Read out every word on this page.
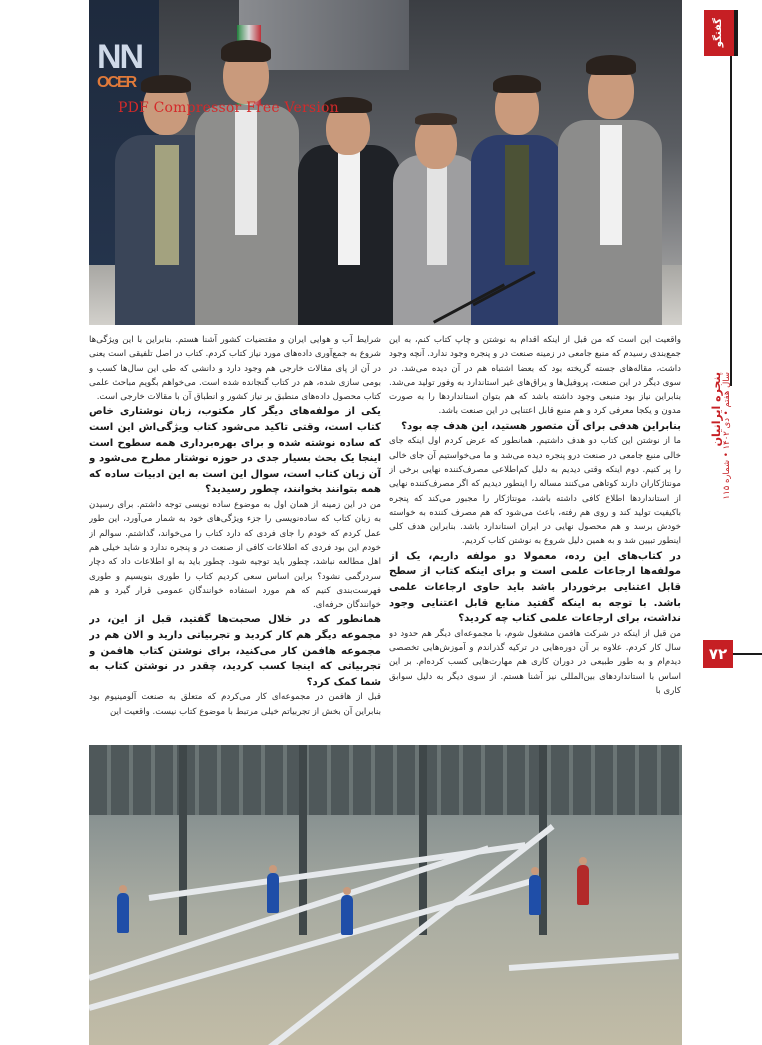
NN
OCER
PDF Compressor Free Version
گفتگو
پنجره ایرانیان
سال هفتم • دی ۱۴۰۲ • شماره ۱۱۵
۷۲

واقعیت این است که من قبل از اینکه اقدام به نوشتن و چاپ کتاب کنم، به این جمع‌بندی رسیدم که منبع جامعی در زمینه صنعت در و پنجره وجود ندارد. آنچه وجود داشت، مقاله‌های جسته گریخته بود که بعضا اشتباه هم در آن دیده می‌شد. در سوی دیگر در این صنعت، پروفیل‌ها و یراق‌های غیر استاندارد به وفور تولید می‌شد. بنابراین نیاز بود منبعی وجود داشته باشد که هم بتوان استانداردها را به صورت مدون و یکجا معرفی کرد و هم منبع قابل اعتنایی در این صنعت باشد.

بنابراین هدفی برای آن متصور هستید، این هدف چه بود؟

ما از نوشتن این کتاب دو هدف داشتیم. همانطور که عرض کردم اول اینکه جای خالی منبع جامعی در صنعت درو پنجره دیده می‌شد و ما می‌خواستیم آن جای خالی را پر کنیم. دوم اینکه وقتی دیدیم به دلیل کم‌اطلاعی مصرف‌کننده نهایی برخی از مونتاژکاران دارند کوتاهی می‌کنند مساله را اینطور دیدیم که اگر مصرف‌کننده نهایی از استانداردها اطلاع کافی داشته باشد، مونتاژکار را مجبور می‌کند که پنجره باکیفیت تولید کند و روی هم رفته، باعث می‌شود که هم مصرف کننده به خواسته خودش برسد و هم محصول نهایی در ایران استاندارد باشد. بنابراین هدف کلی اینطور تبیین شد و به همین دلیل شروع به نوشتن کتاب کردیم.

در کتاب‌های این رده، معمولا دو مولفه داریم، یک از مولفه‌ها ارجاعات علمی است و برای اینکه کتاب از سطح قابل اعتنایی برخوردار باشد باید حاوی ارجاعات علمی باشد. با توجه به اینکه گفتید منابع قابل اعتنایی وجود نداشت، برای ارجاعات علمی کتاب چه کردید؟

من قبل از اینکه در شرکت هافمن مشغول شوم، با مجموعه‌ای دیگر هم حدود دو سال کار کردم. علاوه بر آن دوره‌هایی در ترکیه گذراندم و آموزش‌هایی تخصصی دیدم‌ام و به طور طبیعی در دوران کاری هم مهارت‌هایی کسب کرده‌ام. بر این اساس با استانداردهای بین‌المللی نیز آشنا هستم. از سوی دیگر به دلیل سوابق کاری با

شرایط آب و هوایی ایران و مقتضیات کشور آشنا هستم. بنابراین با این ویژگی‌ها شروع به جمع‌آوری داده‌های مورد نیاز کتاب کردم. کتاب در اصل تلفیقی است یعنی در آن از پای مقالات خارجی هم وجود دارد و دانشی که طی این سال‌ها کسب و بومی سازی شده، هم در کتاب گنجانده شده است. می‌خواهم بگویم مباحث علمی کتاب محصول داده‌های منطبق بر نیاز کشور و انطباق آن با مقالات خارجی است.

یکی از مولفه‌های دیگر کار مکتوب، زبان نوشتاری خاص کتاب است، وقتی تاکید می‌شود کتاب ویژگی‌اش این است که ساده نوشته شده و برای بهره‌برداری همه سطوح است اینجا یک بحث بسیار جدی در حوزه نوشتار مطرح می‌شود و آن زبان کتاب است، سوال این است به این ادبیات ساده که همه بتوانند بخوانند، چطور رسیدید؟

من در این زمینه از همان اول به موضوع ساده نویسی توجه داشتم. برای رسیدن به زبان کتاب که ساده‌نویسی را جزء ویژگی‌های خود به شمار می‌آورد، این طور عمل کردم که خودم را جای فردی که دارد کتاب را می‌خواند، گذاشتم. سوالم از خودم این بود فردی که اطلاعات کافی از صنعت در و پنجره ندارد و شاید خیلی هم اهل مطالعه نباشد، چطور باید توجیه شود. چطور باید به او اطلاعات داد که دچار سردرگمی نشود؟ براین اساس سعی کردیم کتاب را طوری بنویسیم و طوری فهرست‌بندی کنیم که هم مورد استفاده خوانندگان عمومی قرار گیرد و هم خوانندگان حرفه‌ای.

همانطور که در خلال صحبت‌ها گفتید، قبل از این، در مجموعه دیگر هم کار کردید و تجربیاتی دارید و الان هم در مجموعه هافمن کار می‌کنید، برای نوشتن کتاب هافمن و تجربیاتی که اینجا کسب کردید، چقدر در نوشتن کتاب به شما کمک کرد؟

قبل از هافمن در مجموعه‌ای کار می‌کردم که متعلق به صنعت آلومینیوم بود بنابراین آن بخش از تجربیاتم خیلی مرتبط با موضوع کتاب نیست. واقعیت این
